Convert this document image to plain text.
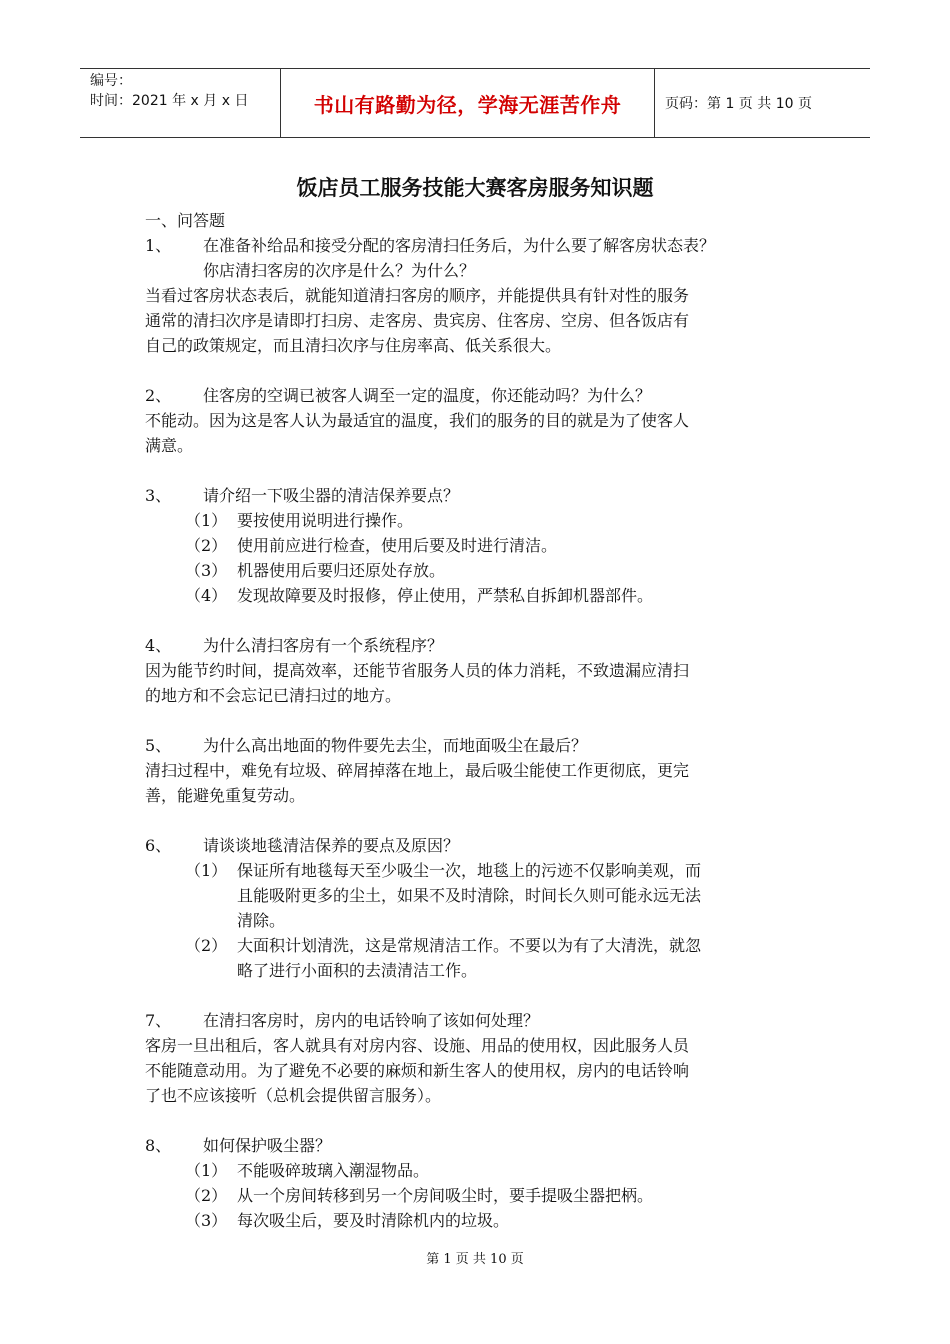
编号：
时间：2021 年 x 月 x 日	书山有路勤为径，学海无涯苦作舟	页码：第 1 页 共 10 页
饭店员工服务技能大赛客房服务知识题

一、问答题

1、	在准备补给品和接受分配的客房清扫任务后，为什么要了解客房状态表？

你店清扫客房的次序是什么？为什么？

当看过客房状态表后，就能知道清扫客房的顺序，并能提供具有针对性的服务

通常的清扫次序是请即打扫房、走客房、贵宾房、住客房、空房、但各饭店有

自己的政策规定，而且清扫次序与住房率高、低关系很大。

2、	住客房的空调已被客人调至一定的温度，你还能动吗？为什么？

不能动。因为这是客人认为最适宜的温度，我们的服务的目的就是为了使客人

满意。

3、	请介绍一下吸尘器的清洁保养要点？
（1） 要按使用说明进行操作。
（2） 使用前应进行检查，使用后要及时进行清洁。
（3） 机器使用后要归还原处存放。
（4） 发现故障要及时报修，停止使用，严禁私自拆卸机器部件。
4、	为什么清扫客房有一个系统程序？

因为能节约时间，提高效率，还能节省服务人员的体力消耗，不致遗漏应清扫

的地方和不会忘记已清扫过的地方。

5、	为什么高出地面的物件要先去尘，而地面吸尘在最后？

清扫过程中，难免有垃圾、碎屑掉落在地上，最后吸尘能使工作更彻底，更完

善，能避免重复劳动。

6、	请谈谈地毯清洁保养的要点及原因？
（1） 保证所有地毯每天至少吸尘一次，地毯上的污迹不仅影响美观，而
且能吸附更多的尘土，如果不及时清除，时间长久则可能永远无法
清除。
（2） 大面积计划清洗，这是常规清洁工作。不要以为有了大清洗，就忽
略了进行小面积的去渍清洁工作。
7、	在清扫客房时，房内的电话铃响了该如何处理？

客房一旦出租后，客人就具有对房内容、设施、用品的使用权，因此服务人员

不能随意动用。为了避免不必要的麻烦和新生客人的使用权，房内的电话铃响

了也不应该接听（总机会提供留言服务）。

8、	如何保护吸尘器？
（1） 不能吸碎玻璃入潮湿物品。
（2） 从一个房间转移到另一个房间吸尘时，要手提吸尘器把柄。
（3） 每次吸尘后，要及时清除机内的垃圾。
第 1 页 共 10 页
